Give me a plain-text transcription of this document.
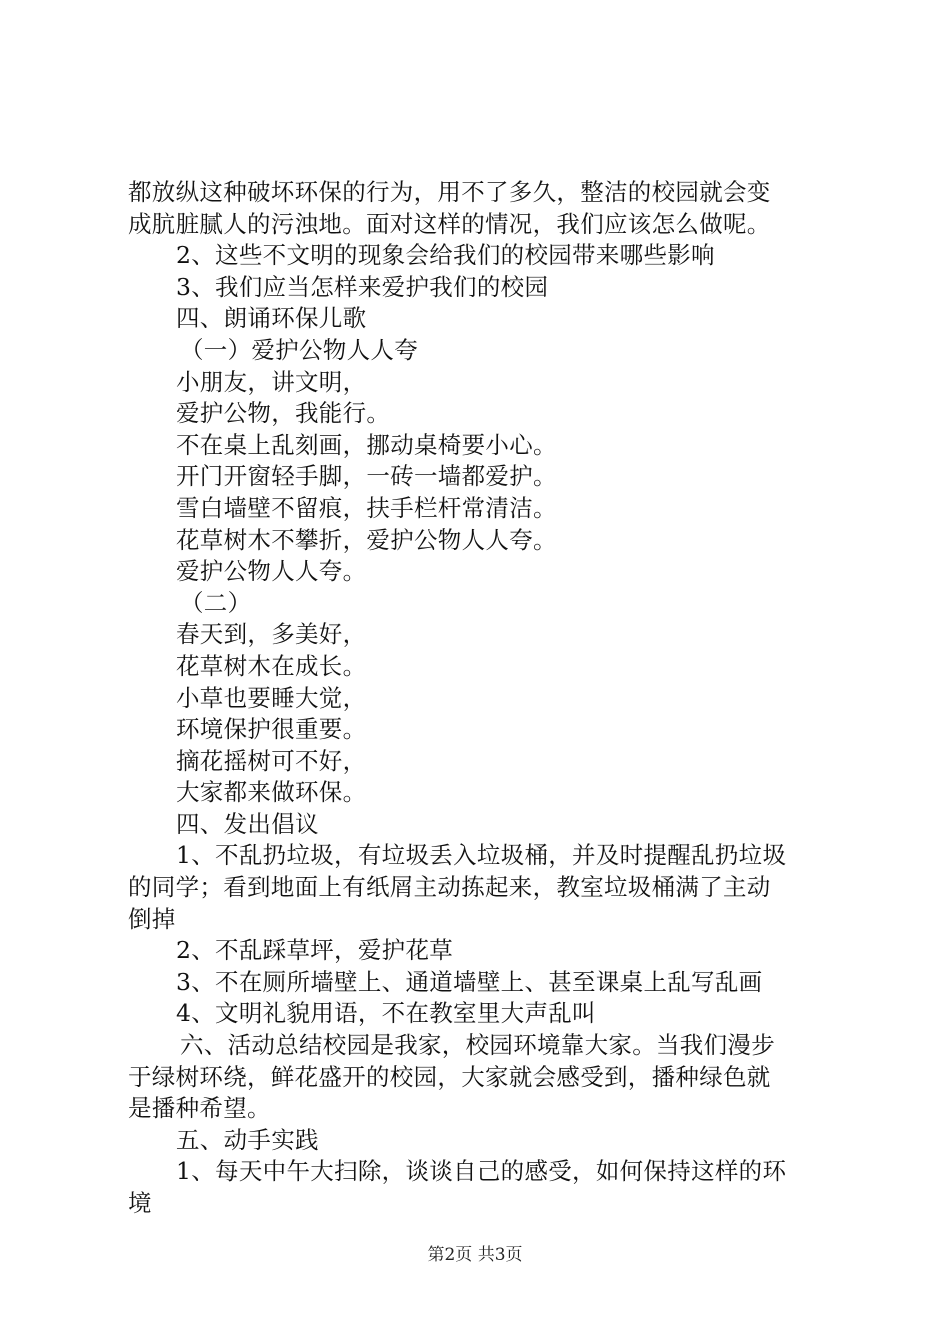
都放纵这种破坏环保的行为，用不了多久，整洁的校园就会变
成肮脏腻人的污浊地。面对这样的情况，我们应该怎么做呢。
2、这些不文明的现象会给我们的校园带来哪些影响
3、我们应当怎样来爱护我们的校园
四、朗诵环保儿歌
（一）爱护公物人人夸
小朋友，讲文明，
爱护公物，我能行。
不在桌上乱刻画，挪动桌椅要小心。
开门开窗轻手脚，一砖一墙都爱护。
雪白墙壁不留痕，扶手栏杆常清洁。
花草树木不攀折，爱护公物人人夸。
爱护公物人人夸。
（二）
春天到，多美好，
花草树木在成长。
小草也要睡大觉，
环境保护很重要。
摘花摇树可不好，
大家都来做环保。
四、发出倡议
1、不乱扔垃圾，有垃圾丢入垃圾桶，并及时提醒乱扔垃圾
的同学；看到地面上有纸屑主动拣起来，教室垃圾桶满了主动
倒掉
2、不乱踩草坪，爱护花草
3、不在厕所墙壁上、通道墙壁上、甚至课桌上乱写乱画
4、文明礼貌用语，不在教室里大声乱叫
六、活动总结校园是我家，校园环境靠大家。当我们漫步
于绿树环绕，鲜花盛开的校园，大家就会感受到，播种绿色就
是播种希望。
五、动手实践
1、每天中午大扫除，谈谈自己的感受，如何保持这样的环
境
第2页 共3页
